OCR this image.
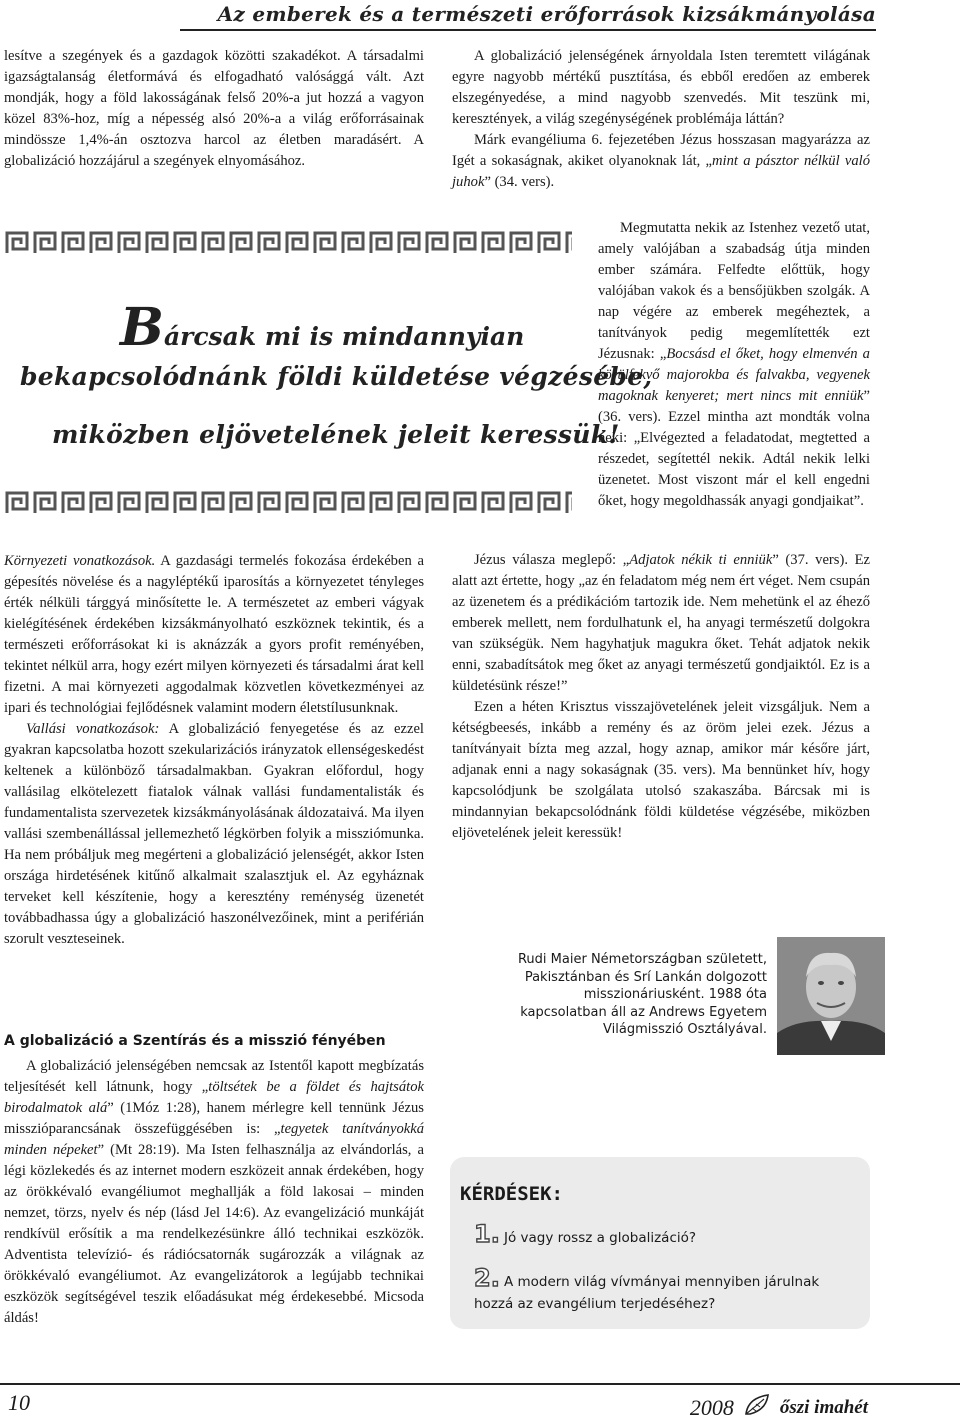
Az emberek és a természeti erőforrások kizsákmányolása

lesítve a szegények és a gazdagok közötti szakadékot. A társadalmi igazságtalanság életformává és elfogadható valósággá vált. Azt mondják, hogy a föld lakosságának felső 20%-a jut hozzá a vagyon közel 83%-hoz, míg a népesség alsó 20%-a a világ erőforrásainak mindössze 1,4%-án osztozva harcol az életben maradásért. A globalizáció hozzájárul a szegények elnyomásához.

Bárcsak mi is mindannyian
bekapcsolódnánk földi küldetése végzésébe,
miközben eljövetelének jeleit keressük!

Környezeti vonatkozások. A gazdasági termelés fokozása érdekében a gépesítés növelése és a nagyléptékű iparosítás a környezetet tényleges érték nélküli tárggyá minősítette le. A természetet az emberi vágyak kielégítésének érdekében kizsákmányolható eszköznek tekintik, és a természeti erőforrásokat ki is aknázzák a gyors profit reményében, tekintet nélkül arra, hogy ezért milyen környezeti és társadalmi árat kell fizetni. A mai környezeti aggodalmak közvetlen következményei az ipari és technológiai fejlődésnek valamint modern életstílusunknak.

Vallási vonatkozások: A globalizáció fenyegetése és az ezzel gyakran kapcsolatba hozott szekularizációs irányzatok ellenségeskedést keltenek a különböző társadalmakban. Gyakran előfordul, hogy vallásilag elkötelezett fiatalok válnak vallási fundamentalisták és fundamentalista szervezetek kizsákmányolásának áldozataivá. Ma ilyen vallási szembenállással jellemezhető légkörben folyik a missziómunka. Ha nem próbáljuk meg megérteni a globalizáció jelenségét, akkor Isten országa hirdetésének kitűnő alkalmait szalasztjuk el. Az egyháznak terveket kell készítenie, hogy a keresztény reménység üzenetét továbbadhassa úgy a globalizáció haszonélvezőinek, mint a periférián szorult veszteseinek.

A globalizáció a Szentírás és a misszió fényében

A globalizáció jelenségében nemcsak az Istentől kapott megbízatás teljesítését kell látnunk, hogy „töltsétek be a földet és hajtsátok birodalmatok alá” (1Móz 1:28), hanem mérlegre kell tennünk Jézus misszióparancsának összefüggésében is: „tegyetek tanítványokká minden népeket” (Mt 28:19). Ma Isten felhasználja az elvándorlás, a légi közlekedés és az internet modern eszközeit annak érdekében, hogy az örökkévaló evangéliumot meghallják a föld lakosai – minden nemzet, törzs, nyelv és nép (lásd Jel 14:6). Az evangelizáció munkáját rendkívül erősítik a ma rendelkezésünkre álló technikai eszközök. Adventista televízió- és rádiócsatornák sugározzák a világnak az örökkévaló evangéliumot. Az evangelizátorok a legújabb technikai eszközök segítségével teszik előadásukat még érdekesebbé. Micsoda áldás!

A globalizáció jelenségének árnyoldala Isten teremtett világának egyre nagyobb mértékű pusztítása, és ebből eredően az emberek elszegényedése, a mind nagyobb szenvedés. Mit teszünk mi, keresztények, a világ szegénységének problémája láttán?

Márk evangéliuma 6. fejezetében Jézus hosszasan magyarázza az Igét a sokaságnak, akiket olyanoknak lát, „mint a pásztor nélkül való juhok” (34. vers).

Megmutatta nekik az Istenhez vezető utat, amely valójában a szabadság útja minden ember számára. Felfedte előttük, hogy valójában vakok és a bensőjükben szolgák. A nap végére az emberek megéheztek, a tanítványok pedig megemlítették ezt Jézusnak: „Bocsásd el őket, hogy elmenvén a körülfekvő majorokba és falvakba, vegyenek magoknak kenyeret; mert nincs mit enniük” (36. vers). Ezzel mintha azt mondták volna neki: „Elvégezted a feladatodat, megtetted a részedet, segítettél nekik. Adtál nekik lelki üzenetet. Most viszont már el kell engedni őket, hogy megoldhassák anyagi gondjaikat”.

Jézus válasza meglepő: „Adjatok nékik ti enniük” (37. vers). Ez alatt azt értette, hogy „az én feladatom még nem ért véget. Nem csupán az üzenetem és a prédikációm tartozik ide. Nem mehetünk el az éhező emberek mellett, nem fordulhatunk el, ha anyagi természetű dolgokra van szükségük. Nem hagyhatjuk magukra őket. Tehát adjatok nekik enni, szabadítsátok meg őket az anyagi természetű gondjaiktól. Ez is a küldetésünk része!”

Ezen a héten Krisztus visszajövetelének jeleit vizsgáljuk. Nem a kétségbeesés, inkább a remény és az öröm jelei ezek. Jézus a tanítványait bízta meg azzal, hogy aznap, amikor már későre járt, adjanak enni a nagy sokaságnak (35. vers). Ma bennünket hív, hogy kapcsolódjunk be szolgálata utolsó szakaszába. Bárcsak mi is mindannyian bekapcsolódnánk földi küldetése végzésébe, miközben eljövetelének jeleit keressük!

Rudi Maier Németországban született, Pakisztánban és Srí Lankán dolgozott misszionáriusként. 1988 óta kapcsolatban áll az Andrews Egyetem Világmisszió Osztályával.
KÉRDÉSEK:
1. Jó vagy rossz a globalizáció?
2. A modern világ vívmányai mennyiben járulnak hozzá az evangélium terjedéséhez?
10	2008 őszi imahét
